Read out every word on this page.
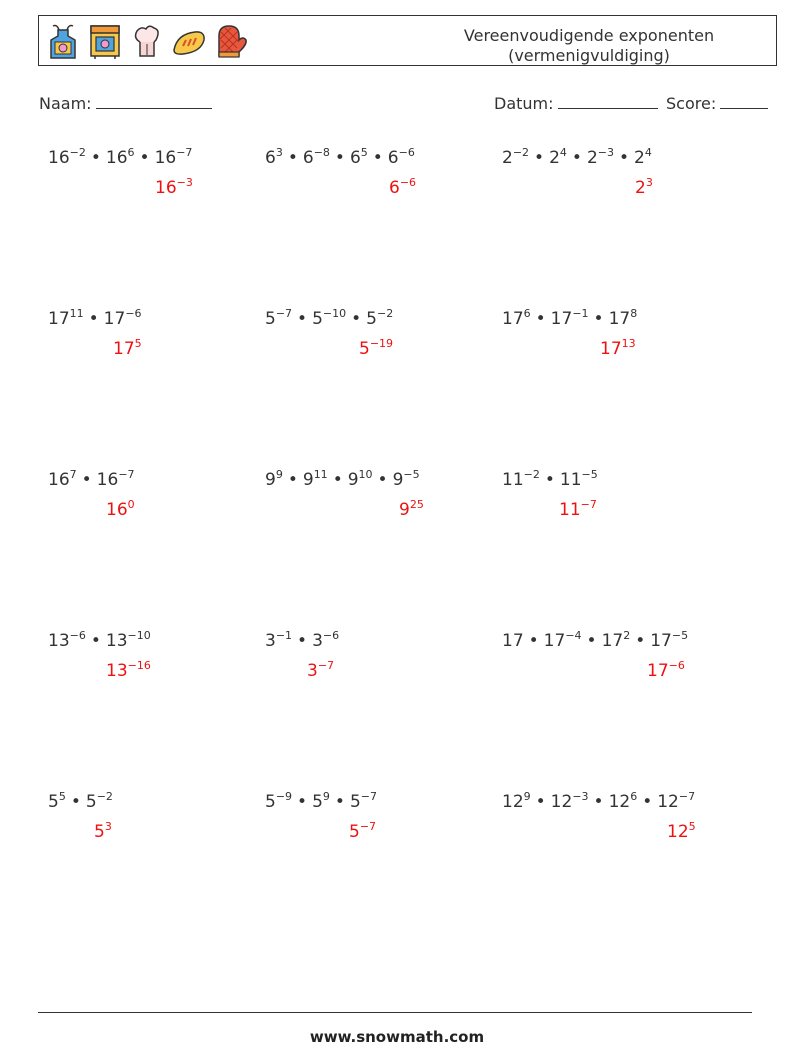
Vereenvoudigende exponenten
(vermenigvuldiging)
Naam:	Datum:	Score:
$16^{-2}$ • $16^6$ • $16^{-7}$
$16^{-3}$
$6^3$ • $6^{-8}$ • $6^5$ • $6^{-6}$
$6^{-6}$
$2^{-2}$ • $2^4$ • $2^{-3}$ • $2^4$
$2^3$
$17^{11}$ • $17^{-6}$
$17^5$
$5^{-7}$ • $5^{-10}$ • $5^{-2}$
$5^{-19}$
$17^6$ • $17^{-1}$ • $17^8$
$17^{13}$
$16^7$ • $16^{-7}$
$16^0$
$9^9$ • $9^{11}$ • $9^{10}$ • $9^{-5}$
$9^{25}$
$11^{-2}$ • $11^{-5}$
$11^{-7}$
$13^{-6}$ • $13^{-10}$
$13^{-16}$
$3^{-1}$ • $3^{-6}$
$3^{-7}$
17 • $17^{-4}$ • $17^2$ • $17^{-5}$
$17^{-6}$
$5^5$ • $5^{-2}$
$5^3$
$5^{-9}$ • $5^9$ • $5^{-7}$
$5^{-7}$
$12^9$ • $12^{-3}$ • $12^6$ • $12^{-7}$
$12^5$
www.snowmath.com
